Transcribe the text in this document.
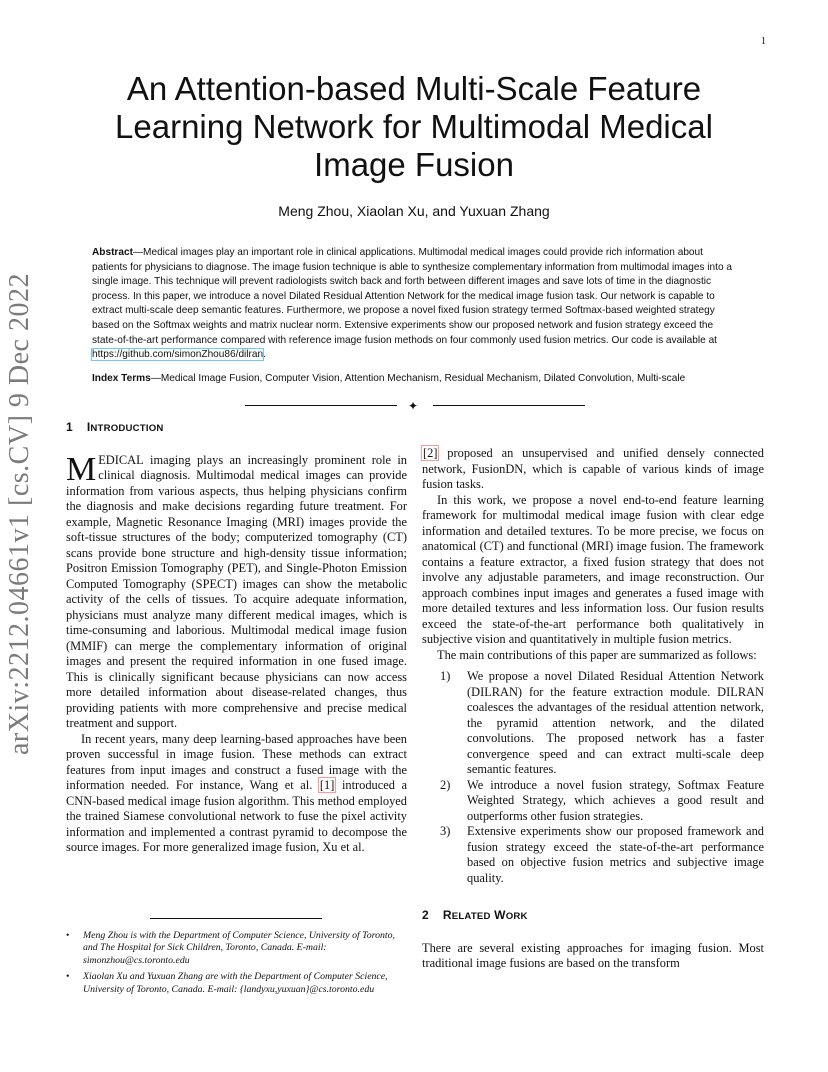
1
arXiv:2212.04661v1 [cs.CV] 9 Dec 2022
An Attention-based Multi-Scale Feature Learning Network for Multimodal Medical Image Fusion
Meng Zhou, Xiaolan Xu, and Yuxuan Zhang

Abstract—Medical images play an important role in clinical applications. Multimodal medical images could provide rich information about patients for physicians to diagnose. The image fusion technique is able to synthesize complementary information from multimodal images into a single image. This technique will prevent radiologists switch back and forth between different images and save lots of time in the diagnostic process. In this paper, we introduce a novel Dilated Residual Attention Network for the medical image fusion task. Our network is capable to extract multi-scale deep semantic features. Furthermore, we propose a novel fixed fusion strategy termed Softmax-based weighted strategy based on the Softmax weights and matrix nuclear norm. Extensive experiments show our proposed network and fusion strategy exceed the state-of-the-art performance compared with reference image fusion methods on four commonly used fusion metrics. Our code is available at https://github.com/simonZhou86/dilran.

Index Terms—Medical Image Fusion, Computer Vision, Attention Mechanism, Residual Mechanism, Dilated Convolution, Multi-scale

✦
1 INTRODUCTION

MEDICAL imaging plays an increasingly prominent role in clinical diagnosis. Multimodal medical images can provide information from various aspects, thus helping physicians confirm the diagnosis and make decisions regarding future treatment. For example, Magnetic Resonance Imaging (MRI) images provide the soft-tissue structures of the body; computerized tomography (CT) scans provide bone structure and high-density tissue information; Positron Emission Tomography (PET), and Single-Photon Emission Computed Tomography (SPECT) images can show the metabolic activity of the cells of tissues. To acquire adequate information, physicians must analyze many different medical images, which is time-consuming and laborious. Multimodal medical image fusion (MMIF) can merge the complementary information of original images and present the required information in one fused image. This is clinically significant because physicians can now access more detailed information about disease-related changes, thus providing patients with more comprehensive and precise medical treatment and support.

In recent years, many deep learning-based approaches have been proven successful in image fusion. These methods can extract features from input images and construct a fused image with the information needed. For instance, Wang et al. [1] introduced a CNN-based medical image fusion algorithm. This method employed the trained Siamese convolutional network to fuse the pixel activity information and implemented a contrast pyramid to decompose the source images. For more generalized image fusion, Xu et al.

[2] proposed an unsupervised and unified densely connected network, FusionDN, which is capable of various kinds of image fusion tasks.

In this work, we propose a novel end-to-end feature learning framework for multimodal medical image fusion with clear edge information and detailed textures. To be more precise, we focus on anatomical (CT) and functional (MRI) image fusion. The framework contains a feature extractor, a fixed fusion strategy that does not involve any adjustable parameters, and image reconstruction. Our approach combines input images and generates a fused image with more detailed textures and less information loss. Our fusion results exceed the state-of-the-art performance both qualitatively in subjective vision and quantitatively in multiple fusion metrics.

The main contributions of this paper are summarized as follows:

1) We propose a novel Dilated Residual Attention Network (DILRAN) for the feature extraction module. DILRAN coalesces the advantages of the residual attention network, the pyramid attention network, and the dilated convolutions. The proposed network has a faster convergence speed and can extract multi-scale deep semantic features.
2) We introduce a novel fusion strategy, Softmax Feature Weighted Strategy, which achieves a good result and outperforms other fusion strategies.
3) Extensive experiments show our proposed framework and fusion strategy exceed the state-of-the-art performance based on objective fusion metrics and subjective image quality.
2 RELATED WORK

There are several existing approaches for imaging fusion. Most traditional image fusions are based on the transform

• Meng Zhou is with the Department of Computer Science, University of Toronto, and The Hospital for Sick Children, Toronto, Canada. E-mail: simonzhou@cs.toronto.edu
• Xiaolan Xu and Yuxuan Zhang are with the Department of Computer Science, University of Toronto, Canada. E-mail: {landyxu,yuxuan}@cs.toronto.edu
